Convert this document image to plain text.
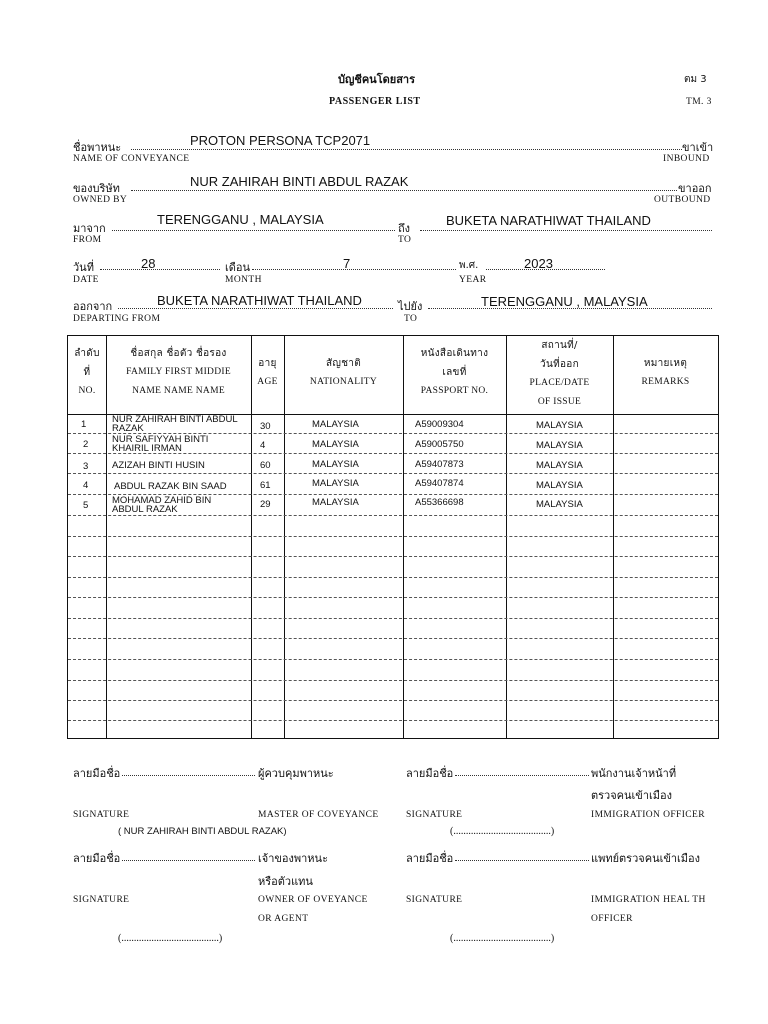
บัญชีคนโดยสาร
PASSENGER LIST
ตม 3
TM. 3
ชื่อพาหนะ
NAME OF CONVEYANCE
PROTON PERSONA TCP2071	ขาเข้า
INBOUND
ของบริษัท
OWNED BY
NUR ZAHIRAH BINTI ABDUL RAZAK	ขาออก
OUTBOUND
มาจาก
FROM
TERENGGANU , MALAYSIA
ถึง
TO
BUKETA NARATHIWAT THAILAND
วันที่
DATE
28	เดือน
MONTH
7	พ.ศ.
YEAR
2023
ออกจาก
DEPARTING FROM
BUKETA NARATHIWAT THAILAND	ไปยัง
TO
TERENGGANU , MALAYSIA
ลำดับ
ที่
NO.
ชื่อสกุล ชื่อตัว ชื่อรอง
FAMILY FIRST MIDDIE
NAME NAME NAME
อายุ
AGE
สัญชาติ
NATIONALITY
หนังสือเดินทาง
เลขที่
PASSPORT NO.
สถานที่/
วันที่ออก
PLACE/DATE
OF ISSUE
หมายเหตุ
REMARKS
1	NUR ZAHIRAH BINTI ABDUL
RAZAK	30	MALAYSIA	A59009304	MALAYSIA
2 NUR SAFIYYAH BINTI
KHAIRIL IRMAN	4	MALAYSIA	A59005750	MALAYSIA
3 AZIZAH BINTI HUSIN	60	MALAYSIA	A59407873	MALAYSIA
4	ABDUL RAZAK BIN SAAD	61	MALAYSIA	A59407874	MALAYSIA
5 MOHAMAD ZAHID BIN
ABDUL RAZAK	29	MALAYSIA	A55366698	MALAYSIA
ลายมือชื่อ	ผู้ควบคุมพาหนะ
SIGNATURE	MASTER OF COVEYANCE
( NUR ZAHIRAH BINTI ABDUL RAZAK)
ลายมือชื่อ	พนักงานเจ้าหน้าที่
ตรวจคนเข้าเมือง
SIGNATURE	IMMIGRATION OFFICER
(.......................................)
ลายมือชื่อ	เจ้าของพาหนะ
หรือตัวแทน
SIGNATURE	OWNER OF OVEYANCE
OR AGENT
(.......................................)
ลายมือชื่อ	แพทย์ตรวจคนเข้าเมือง
SIGNATURE	IMMIGRATION HEAL TH
OFFICER
(.......................................)
